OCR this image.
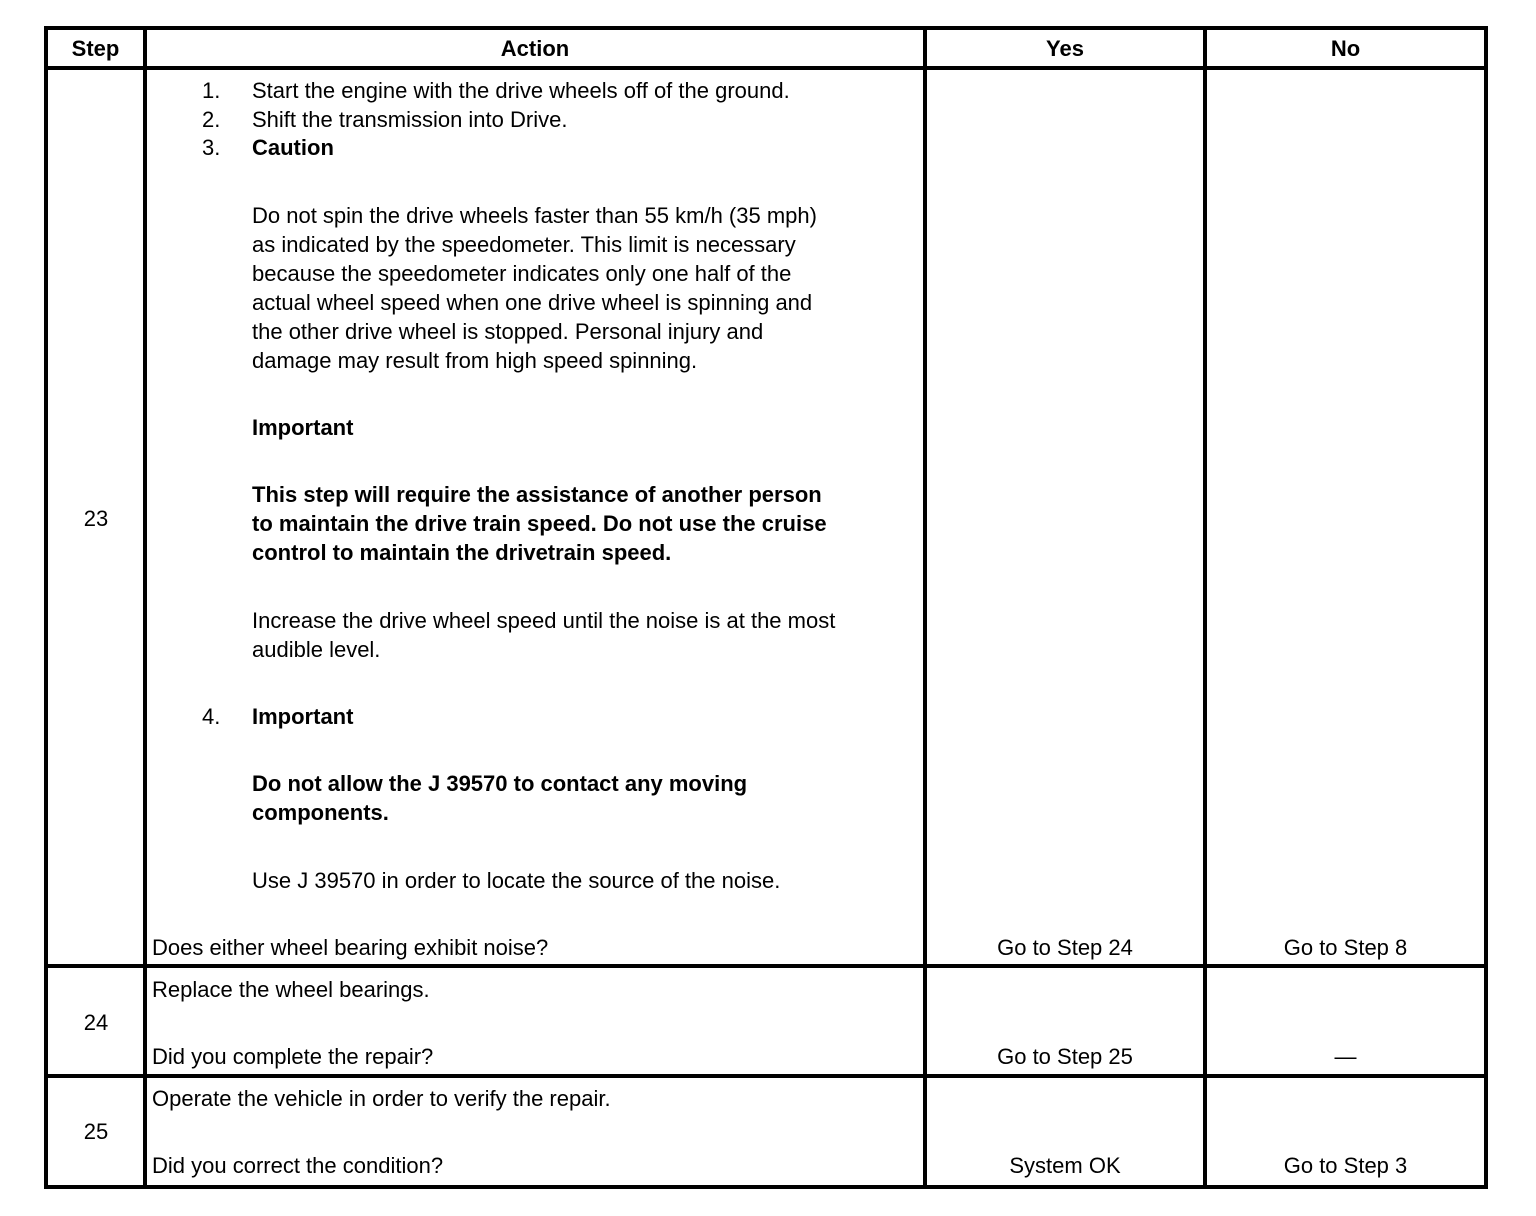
Step	Action	Yes	No
23
1. Start the engine with the drive wheels off of the ground.
2. Shift the transmission into Drive.
3. Caution
Do not spin the drive wheels faster than 55 km/h (35 mph)
as indicated by the speedometer. This limit is necessary
because the speedometer indicates only one half of the
actual wheel speed when one drive wheel is spinning and
the other drive wheel is stopped. Personal injury and
damage may result from high speed spinning.
Important
This step will require the assistance of another person
to maintain the drive train speed. Do not use the cruise
control to maintain the drivetrain speed.
Increase the drive wheel speed until the noise is at the most
audible level.
4. Important
Do not allow the J 39570 to contact any moving
components.
Use J 39570 in order to locate the source of the noise.
Does either wheel bearing exhibit noise?	Go to Step 24	Go to Step 8
24
Replace the wheel bearings.
Did you complete the repair?	Go to Step 25	—
25
Operate the vehicle in order to verify the repair.
Did you correct the condition?	System OK	Go to Step 3
